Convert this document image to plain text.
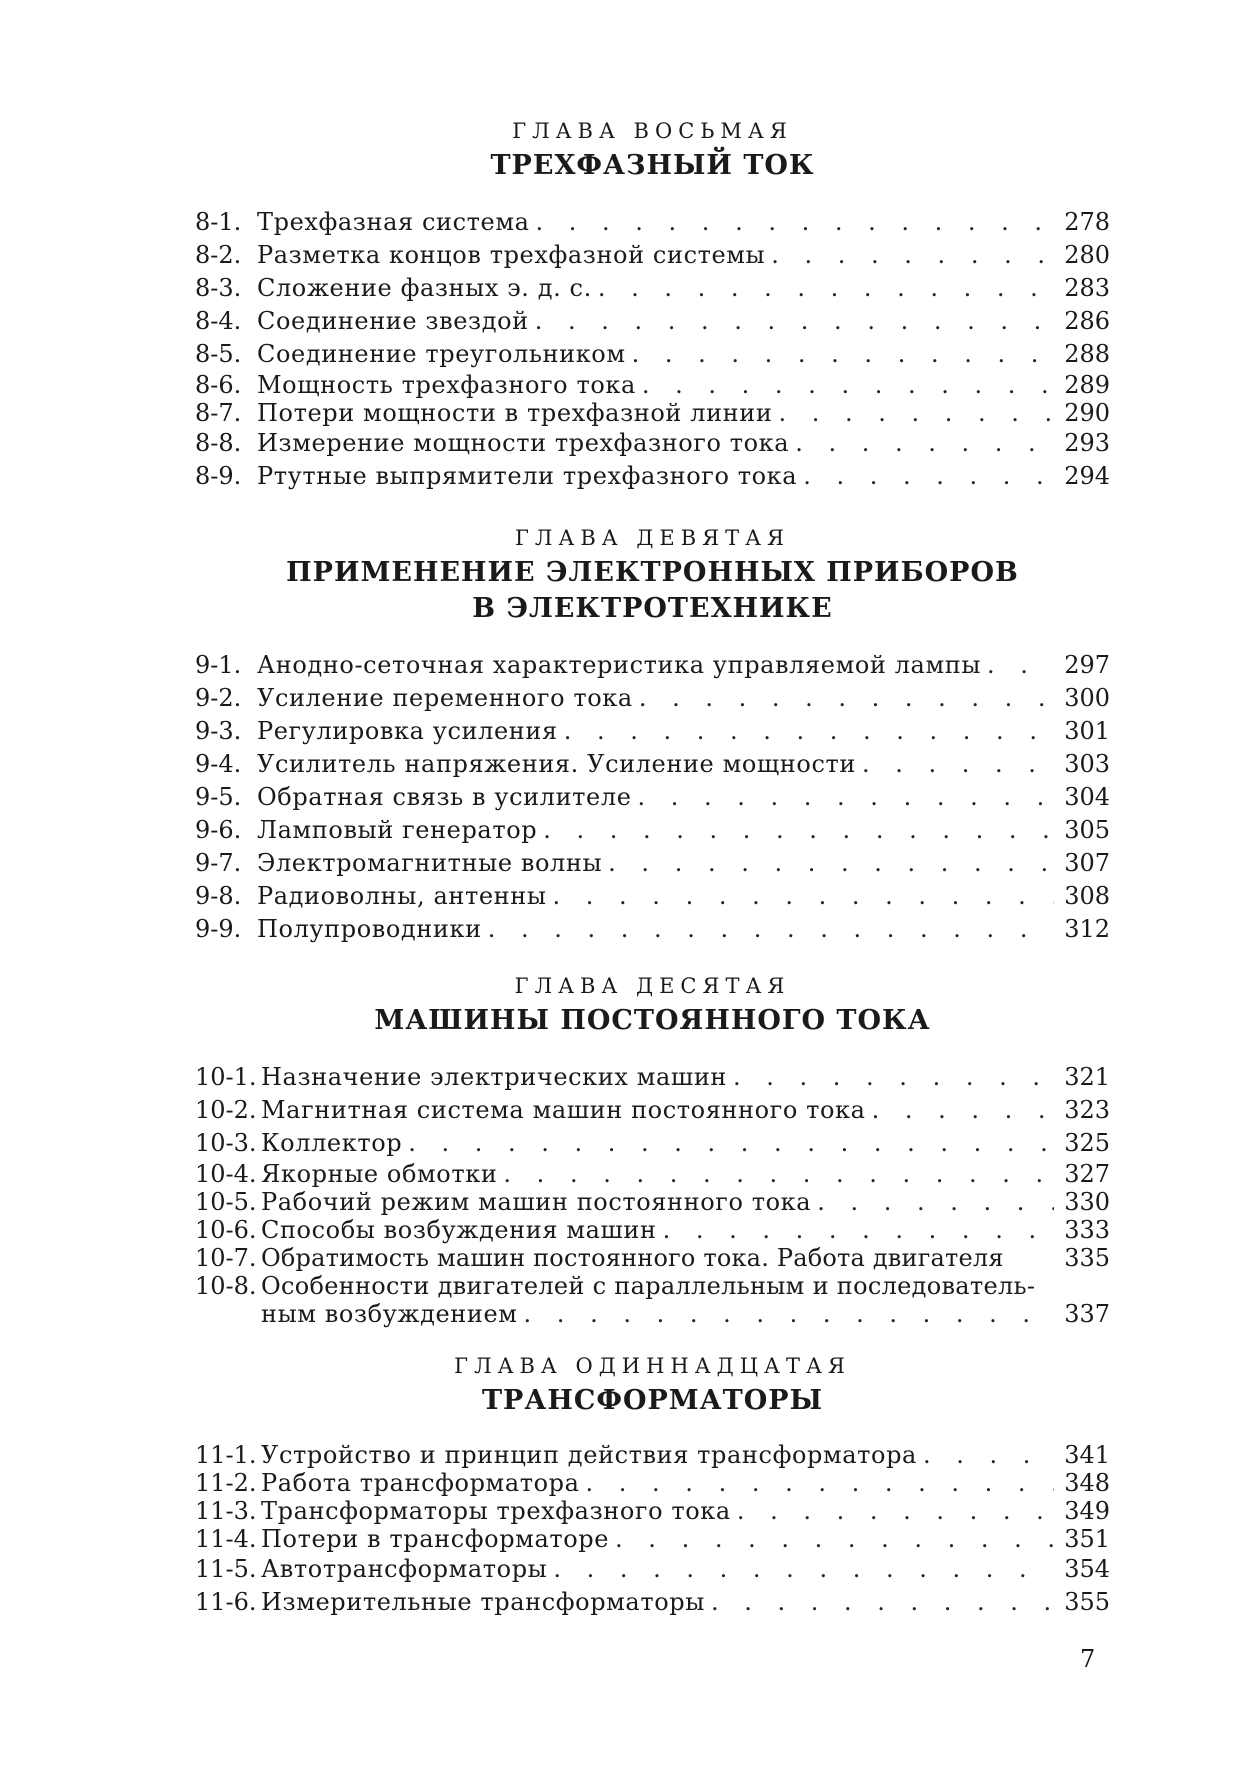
ГЛАВА ВОСЬМАЯ

ТРЕХФАЗНЫЙ ТОК

8-1. Трехфазная система . . .	278
8-2. Разметка концов трехфазной системы . . .	280
8-3. Сложение фазных э. д. с. . . .	283
8-4. Соединение звездой . . .	286
8-5. Соединение треугольником . . .	288
8-6. Мощность трехфазного тока . . .	289
8-7. Потери мощности в трехфазной линии . . .	290
8-8. Измерение мощности трехфазного тока . . .	293
8-9. Ртутные выпрямители трехфазного тока . . .	294

ГЛАВА ДЕВЯТАЯ

ПРИМЕНЕНИЕ ЭЛЕКТРОННЫХ ПРИБОРОВ

В ЭЛЕКТРОТЕХНИКЕ

9-1. Анодно-сеточная характеристика управляемой лампы . . .	297
9-2. Усиление переменного тока . . .	300
9-3. Регулировка усиления . . .	301
9-4. Усилитель напряжения. Усиление мощности . . .	303
9-5. Обратная связь в усилителе . . .	304
9-6. Ламповый генератор . . .	305
9-7. Электромагнитные волны . . .	307
9-8. Радиоволны, антенны . . .	308
9-9. Полупроводники . . .	312

ГЛАВА ДЕСЯТАЯ

МАШИНЫ ПОСТОЯННОГО ТОКА

10-1. Назначение электрических машин . . .	321
10-2. Магнитная система машин постоянного тока . . .	323
10-3. Коллектор . . .	325
10-4. Якорные обмотки . . .	327
10-5. Рабочий режим машин постоянного тока . . .	330
10-6. Способы возбуждения машин . . .	333
10-7. Обратимость машин постоянного тока. Работа двигателя	335
10-8. Особенности двигателей с параллельным и последователь-
ным возбуждением . . .	337

ГЛАВА ОДИННАДЦАТАЯ

ТРАНСФОРМАТОРЫ

11-1. Устройство и принцип действия трансформатора . . .	341
11-2. Работа трансформатора . . .	348
11-3. Трансформаторы трехфазного тока . . .	349
11-4. Потери в трансформаторе . . .	351
11-5. Автотрансформаторы . . .	354
11-6. Измерительные трансформаторы . . .	355
7
